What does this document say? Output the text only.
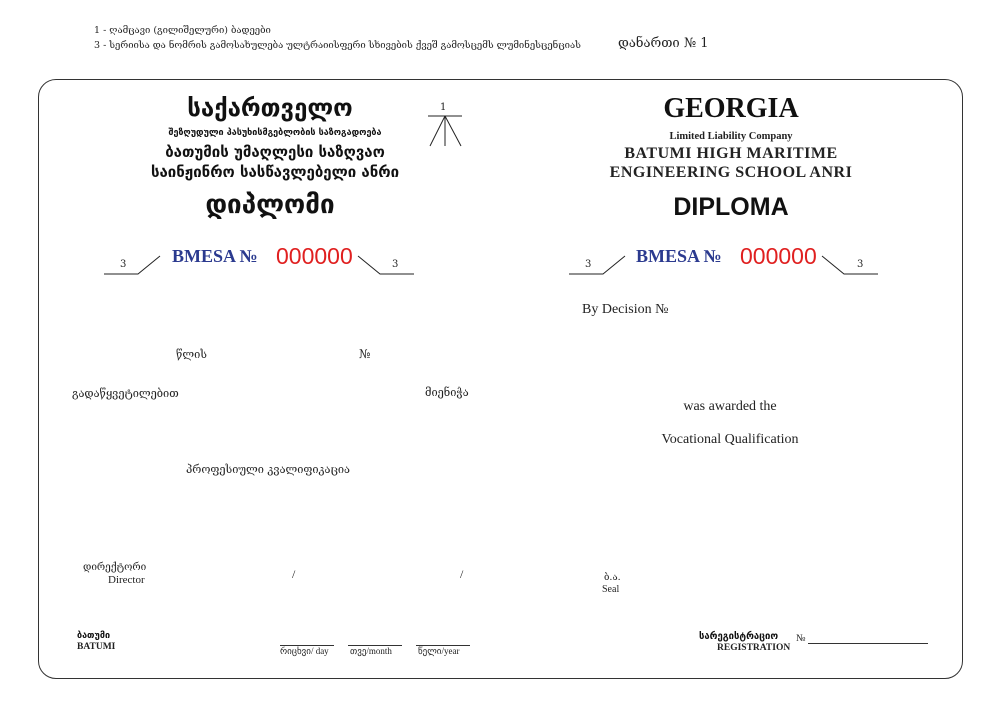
1 - ღამცავი (გილიშელური) ბადეები
3 - სერიისა და ნომრის გამოსახულება ულტრაიისფერი სხივების ქვეშ გამოსცემს ლუმინესცენციას	დანართი № 1
საქართველო
შეზღუდული პასუხისმგებლობის საზოგადოება
ბათუმის უმაღლესი საზღვაო
საინჟინრო სასწავლებელი ანრი
დიპლომი
1
3	BMESA № 000000	3
წლის	№
გადაწყვეტილებით	მიენიჭა
პროფესიული კვალიფიკაცია
დირექტორი
Director	/	/
ბათუმი
BATUMI	რიცხვი/ day თვე/month	წელი/year
GEORGIA
Limited Liability Company
BATUMI HIGH MARITIME
ENGINEERING SCHOOL ANRI
DIPLOMA
3 BMESA № 000000	3
By Decision №
was awarded the
Vocational Qualification
ბ.ა.
Seal
სარეგისტრაციო №
REGISTRATION
